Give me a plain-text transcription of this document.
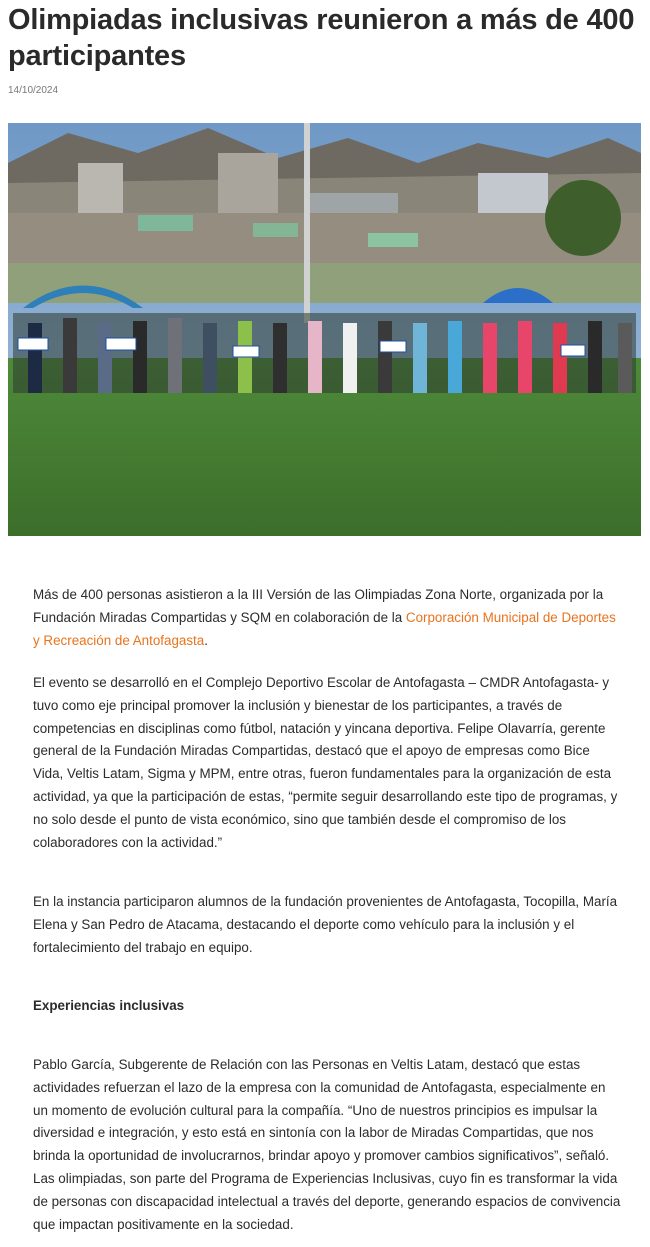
Olimpiadas inclusivas reunieron a más de 400 participantes
14/10/2024

Más de 400 personas asistieron a la III Versión de las Olimpiadas Zona Norte, organizada por la Fundación Miradas Compartidas y SQM en colaboración de la Corporación Municipal de Deportes y Recreación de Antofagasta.

El evento se desarrolló en el Complejo Deportivo Escolar de Antofagasta – CMDR Antofagasta- y tuvo como eje principal promover la inclusión y bienestar de los participantes, a través de competencias en disciplinas como fútbol, natación y yincana deportiva. Felipe Olavarría, gerente general de la Fundación Miradas Compartidas, destacó que el apoyo de empresas como Bice Vida, Veltis Latam, Sigma y MPM, entre otras, fueron fundamentales para la organización de esta actividad, ya que la participación de estas, “permite seguir desarrollando este tipo de programas, y no solo desde el punto de vista económico, sino que también desde el compromiso de los colaboradores con la actividad.”

En la instancia participaron alumnos de la fundación provenientes de Antofagasta, Tocopilla, María Elena y San Pedro de Atacama, destacando el deporte como vehículo para la inclusión y el fortalecimiento del trabajo en equipo.

Experiencias inclusivas

Pablo García, Subgerente de Relación con las Personas en Veltis Latam, destacó que estas actividades refuerzan el lazo de la empresa con la comunidad de Antofagasta, especialmente en un momento de evolución cultural para la compañía. “Uno de nuestros principios es impulsar la diversidad e integración, y esto está en sintonía con la labor de Miradas Compartidas, que nos brinda la oportunidad de involucrarnos, brindar apoyo y promover cambios significativos”, señaló. Las olimpiadas, son parte del Programa de Experiencias Inclusivas, cuyo fin es transformar la vida de personas con discapacidad intelectual a través del deporte, generando espacios de convivencia que impactan positivamente en la sociedad.
